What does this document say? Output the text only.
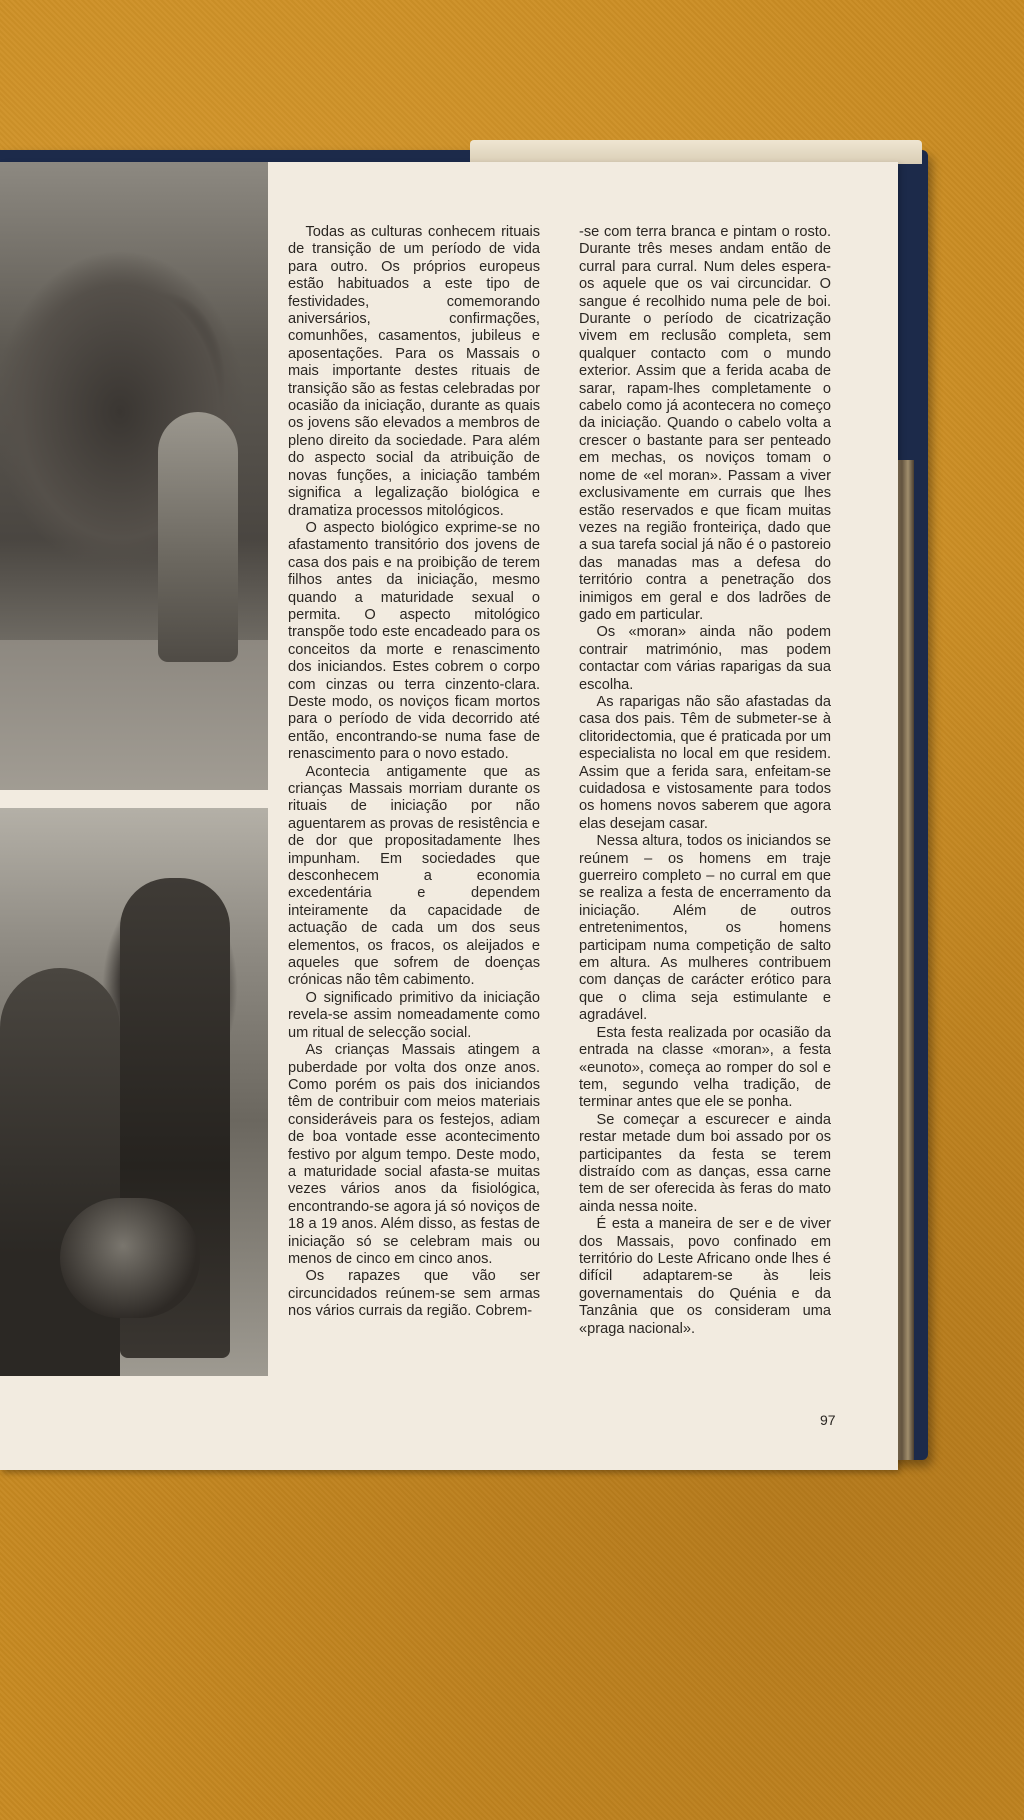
Todas as culturas conhecem rituais de transição de um período de vida para outro. Os próprios europeus estão habituados a este tipo de festividades, comemorando aniversários, confirmações, comunhões, casamentos, jubileus e aposentações. Para os Massais o mais importante destes rituais de transição são as festas celebradas por ocasião da iniciação, durante as quais os jovens são elevados a membros de pleno direito da sociedade. Para além do aspecto social da atribuição de novas funções, a iniciação também significa a legalização biológica e dramatiza processos mitológicos.

O aspecto biológico exprime-se no afastamento transitório dos jovens de casa dos pais e na proibição de terem filhos antes da iniciação, mesmo quando a maturidade sexual o permita. O aspecto mitológico transpõe todo este encadeado para os conceitos da morte e renascimento dos iniciandos. Estes cobrem o corpo com cinzas ou terra cinzento-clara. Deste modo, os noviços ficam mortos para o período de vida decorrido até então, encontrando-se numa fase de renascimento para o novo estado.

Acontecia antigamente que as crianças Massais morriam durante os rituais de iniciação por não aguentarem as provas de resistência e de dor que propositadamente lhes impunham. Em sociedades que desconhecem a economia excedentária e dependem inteiramente da capacidade de actuação de cada um dos seus elementos, os fracos, os aleijados e aqueles que sofrem de doenças crónicas não têm cabimento.

O significado primitivo da iniciação revela-se assim nomeadamente como um ritual de selecção social.

As crianças Massais atingem a puberdade por volta dos onze anos. Como porém os pais dos iniciandos têm de contribuir com meios materiais consideráveis para os festejos, adiam de boa vontade esse acontecimento festivo por algum tempo. Deste modo, a maturidade social afasta-se muitas vezes vários anos da fisiológica, encontrando-se agora já só noviços de 18 a 19 anos. Além disso, as festas de iniciação só se celebram mais ou menos de cinco em cinco anos.

Os rapazes que vão ser circuncidados reúnem-se sem armas nos vários currais da região. Cobrem-

-se com terra branca e pintam o rosto. Durante três meses andam então de curral para curral. Num deles espera-os aquele que os vai circuncidar. O sangue é recolhido numa pele de boi. Durante o período de cicatrização vivem em reclusão completa, sem qualquer contacto com o mundo exterior. Assim que a ferida acaba de sarar, rapam-lhes completamente o cabelo como já acontecera no começo da iniciação. Quando o cabelo volta a crescer o bastante para ser penteado em mechas, os noviços tomam o nome de «el moran». Passam a viver exclusivamente em currais que lhes estão reservados e que ficam muitas vezes na região fronteiriça, dado que a sua tarefa social já não é o pastoreio das manadas mas a defesa do território contra a penetração dos inimigos em geral e dos ladrões de gado em particular.

Os «moran» ainda não podem contrair matrimónio, mas podem contactar com várias raparigas da sua escolha.

As raparigas não são afastadas da casa dos pais. Têm de submeter-se à clitoridectomia, que é praticada por um especialista no local em que residem. Assim que a ferida sara, enfeitam-se cuidadosa e vistosamente para todos os homens novos saberem que agora elas desejam casar.

Nessa altura, todos os iniciandos se reúnem – os homens em traje guerreiro completo – no curral em que se realiza a festa de encerramento da iniciação. Além de outros entretenimentos, os homens participam numa competição de salto em altura. As mulheres contribuem com danças de carácter erótico para que o clima seja estimulante e agradável.

Esta festa realizada por ocasião da entrada na classe «moran», a festa «eunoto», começa ao romper do sol e tem, segundo velha tradição, de terminar antes que ele se ponha.

Se começar a escurecer e ainda restar metade dum boi assado por os participantes da festa se terem distraído com as danças, essa carne tem de ser oferecida às feras do mato ainda nessa noite.

É esta a maneira de ser e de viver dos Massais, povo confinado em território do Leste Africano onde lhes é difícil adaptarem-se às leis governamentais do Quénia e da Tanzânia que os consideram uma «praga nacional».

97
